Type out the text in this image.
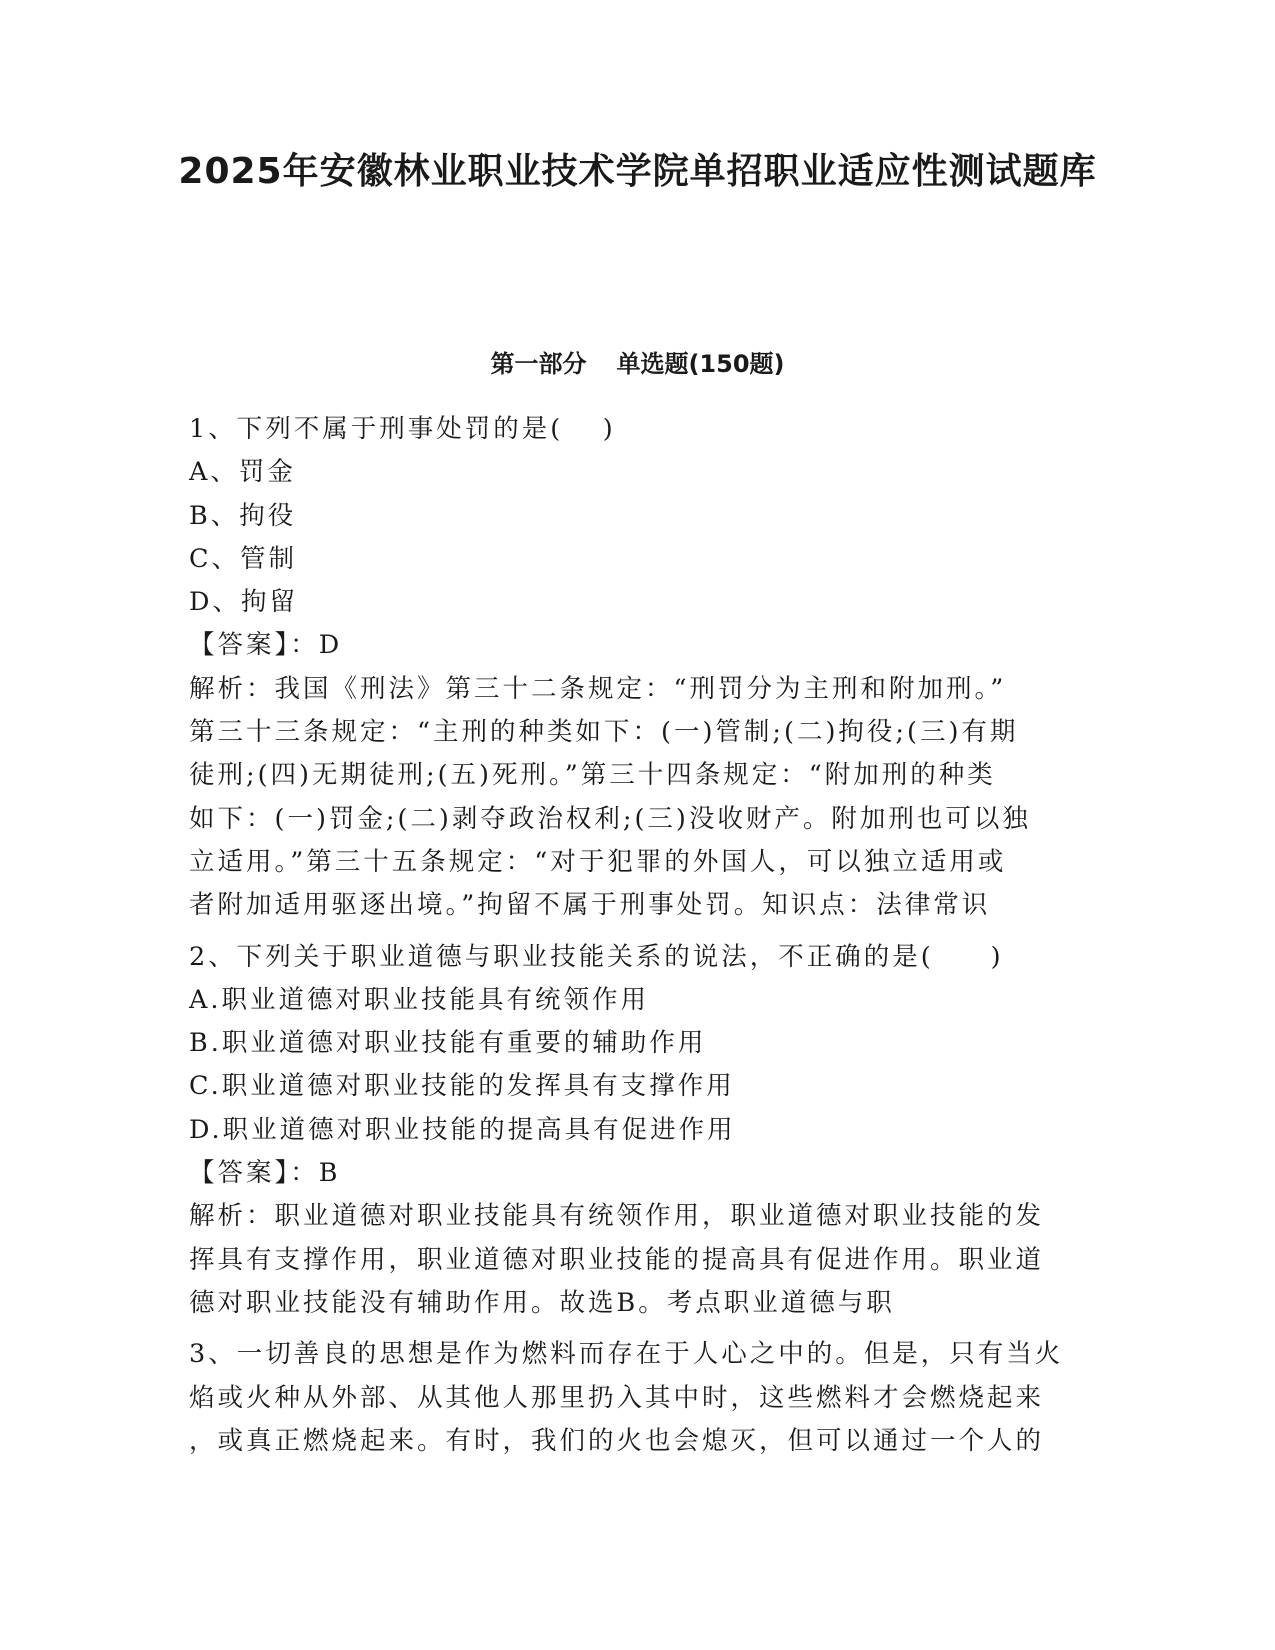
2025年安徽林业职业技术学院单招职业适应性测试题库
第一部分 单选题(150题)
1、下列不属于刑事处罚的是(　 )
A、罚金
B、拘役
C、管制
D、拘留
【答案】：D
解析：我国《刑法》第三十二条规定：“刑罚分为主刑和附加刑。”
第三十三条规定：“主刑的种类如下：(一)管制;(二)拘役;(三)有期
徒刑;(四)无期徒刑;(五)死刑。”第三十四条规定：“附加刑的种类
如下：(一)罚金;(二)剥夺政治权利;(三)没收财产。附加刑也可以独
立适用。”第三十五条规定：“对于犯罪的外国人，可以独立适用或
者附加适用驱逐出境。”拘留不属于刑事处罚。知识点：法律常识
2、下列关于职业道德与职业技能关系的说法，不正确的是(　　)
A.职业道德对职业技能具有统领作用
B.职业道德对职业技能有重要的辅助作用
C.职业道德对职业技能的发挥具有支撑作用
D.职业道德对职业技能的提高具有促进作用
【答案】：B
解析：职业道德对职业技能具有统领作用，职业道德对职业技能的发
挥具有支撑作用，职业道德对职业技能的提高具有促进作用。职业道
德对职业技能没有辅助作用。故选B。考点职业道德与职
3、一切善良的思想是作为燃料而存在于人心之中的。但是，只有当火
焰或火种从外部、从其他人那里扔入其中时，这些燃料才会燃烧起来
，或真正燃烧起来。有时，我们的火也会熄灭，但可以通过一个人的
